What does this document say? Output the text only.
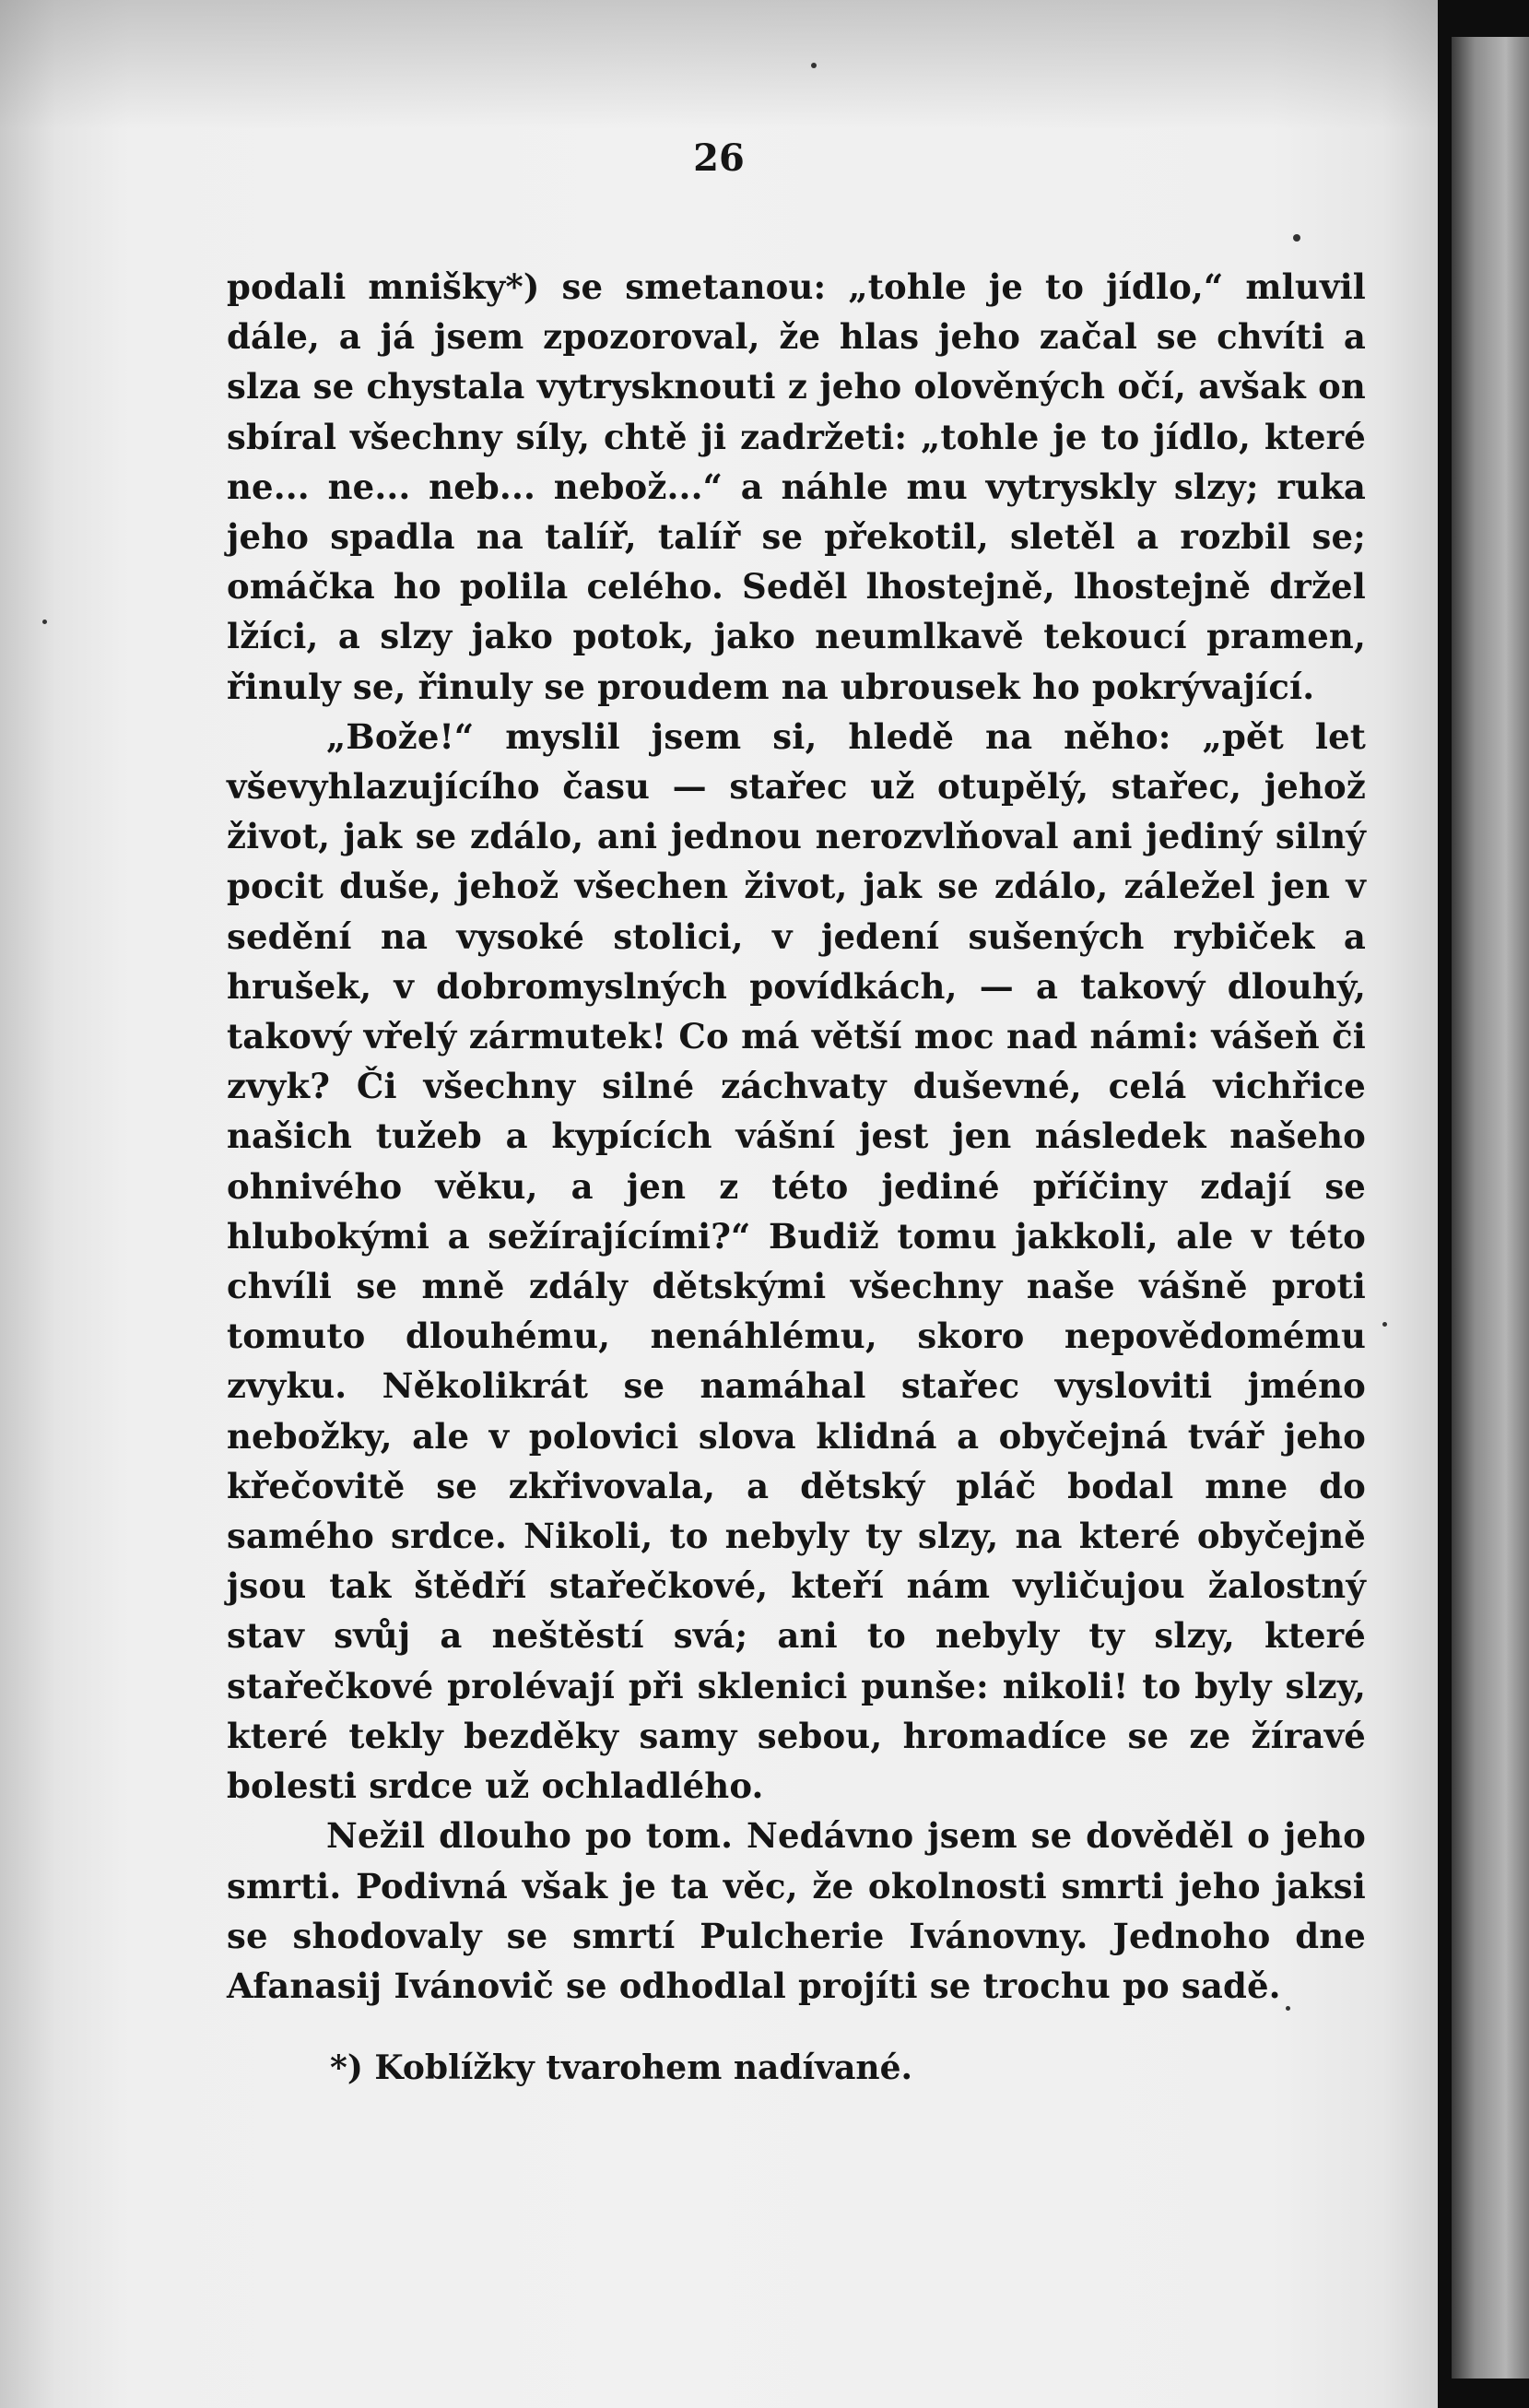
26

podali mnišky*) se smetanou: „tohle je to jídlo,“ mluvil dále, a já jsem zpozoroval, že hlas jeho začal se chvíti a slza se chystala vytrysknouti z jeho olověných očí, avšak on sbíral všechny síly, chtě ji zadržeti: „tohle je to jídlo, které ne... ne... neb... nebož...“ a náhle mu vytryskly slzy; ruka jeho spadla na talíř, talíř se překotil, sletěl a rozbil se; omáčka ho polila celého. Seděl lhostejně, lhostejně držel lžíci, a slzy jako potok, jako neumlkavě tekoucí pramen, řinuly se, řinuly se proudem na ubrousek ho pokrývající.

„Bože!“ myslil jsem si, hledě na něho: „pět let vševyhlazujícího času — stařec už otupělý, stařec, jehož život, jak se zdálo, ani jednou nerozvlňoval ani jediný silný pocit duše, jehož všechen život, jak se zdálo, záležel jen v sedění na vysoké stolici, v jedení sušených rybiček a hrušek, v dobromyslných povídkách, — a takový dlouhý, takový vřelý zármutek! Co má větší moc nad námi: vášeň či zvyk? Či všechny silné záchvaty duševné, celá vichřice našich tužeb a kypících vášní jest jen následek našeho ohnivého věku, a jen z této jediné příčiny zdají se hlubokými a sežírajícími?“ Budiž tomu jakkoli, ale v této chvíli se mně zdály dětskými všechny naše vášně proti tomuto dlouhému, nenáhlému, skoro nepovědomému zvyku. Několikrát se namáhal stařec vysloviti jméno nebožky, ale v polovici slova klidná a obyčejná tvář jeho křečovitě se zkřivovala, a dětský pláč bodal mne do samého srdce. Nikoli, to nebyly ty slzy, na které obyčejně jsou tak štědří stařečkové, kteří nám vyličujou žalostný stav svůj a neštěstí svá; ani to nebyly ty slzy, které stařečkové prolévají při sklenici punše: nikoli! to byly slzy, které tekly bezděky samy sebou, hromadíce se ze žíravé bolesti srdce už ochladlého.

Nežil dlouho po tom. Nedávno jsem se dověděl o jeho smrti. Podivná však je ta věc, že okolnosti smrti jeho jaksi se shodovaly se smrtí Pulcherie Ivánovny. Jednoho dne Afanasij Ivánovič se odhodlal projíti se trochu po sadě.

*) Koblížky tvarohem nadívané.
